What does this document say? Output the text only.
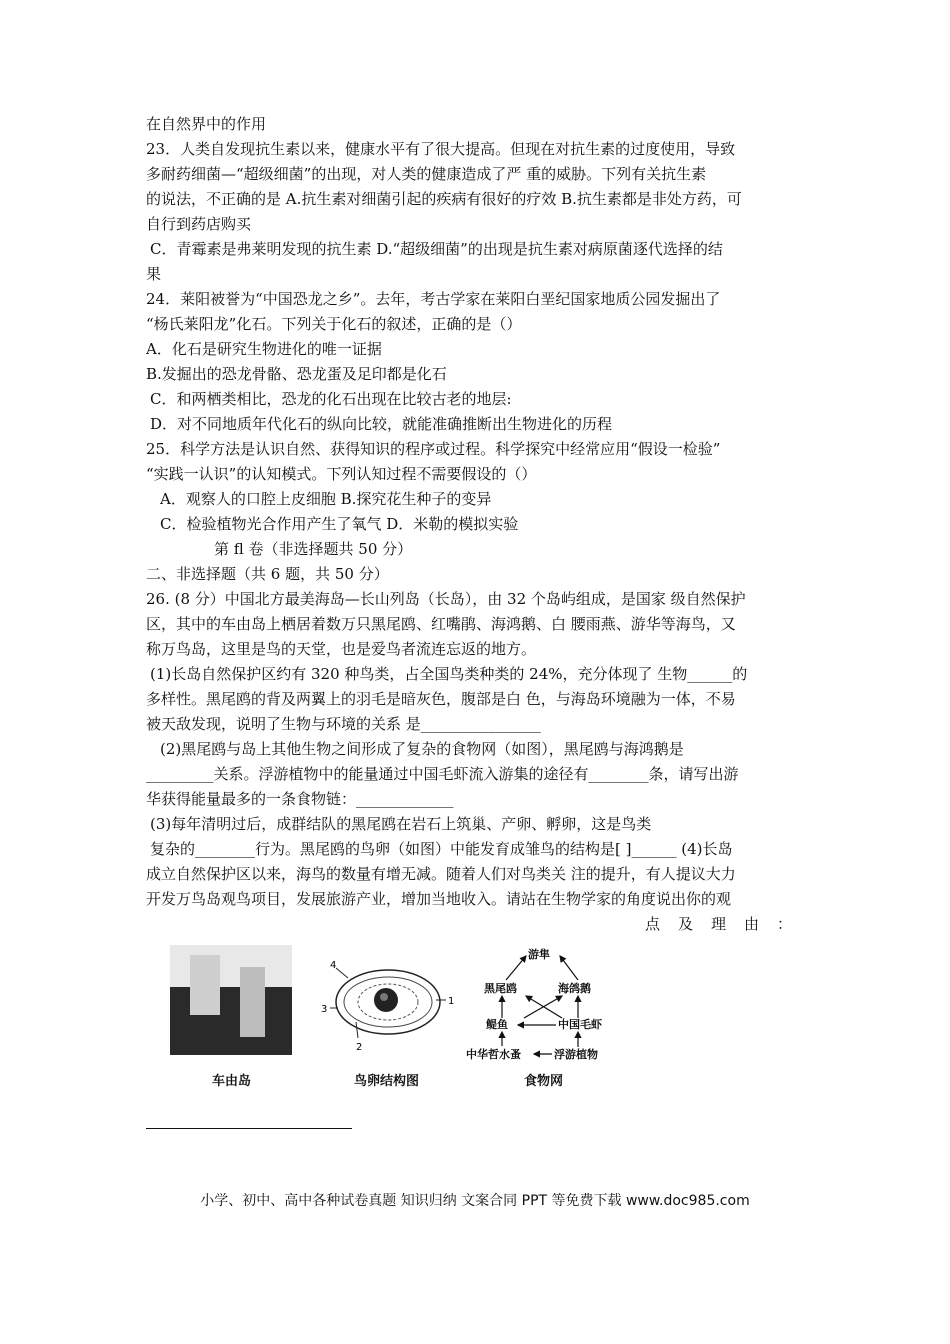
在自然界中的作用
23．人类自发现抗生素以来，健康水平有了很大提高。但现在对抗生素的过度使用，导致
多耐药细菌—“超级细菌”的出现，对人类的健康造成了严 重的威胁。下列有关抗生素
的说法，不正确的是 A.抗生素对细菌引起的疾病有很好的疗效 B.抗生素都是非处方药，可
自行到药店购买
C．青霉素是弗莱明发现的抗生素 D.“超级细菌”的出现是抗生素对病原菌逐代选择的结
果
24．莱阳被誉为“中国恐龙之乡”。去年，考古学家在莱阳白垩纪国家地质公园发掘出了
“杨氏莱阳龙”化石。下列关于化石的叙述，正确的是（）
A．化石是研究生物进化的唯一证据
B.发掘出的恐龙骨骼、恐龙蛋及足印都是化石
C．和两栖类相比，恐龙的化石出现在比较古老的地层:
D．对不同地质年代化石的纵向比较，就能准确推断出生物进化的历程
25．科学方法是认识自然、获得知识的程序或过程。科学探究中经常应用“假设一检验”
“实践一认识”的认知模式。下列认知过程不需要假设的（）
A．观察人的口腔上皮细胞 B.探究花生种子的变异
C．检验植物光合作用产生了氧气 D．米勒的模拟实验
第 fl 卷（非选择题共 50 分）
二、非选择题（共 6 题，共 50 分）
26. (8 分）中国北方最美海岛—长山列岛（长岛），由 32 个岛屿组成，是国家 级自然保护
区，其中的车由岛上栖居着数万只黑尾鸥、红嘴鹃、海鸿鹅、白 腰雨燕、游华等海鸟，又
称万鸟岛，这里是鸟的天堂，也是爱鸟者流连忘返的地方。
(1)长岛自然保护区约有 320 种鸟类，占全国鸟类种类的 24%，充分体现了 生物______的
多样性。黑尾鸥的背及两翼上的羽毛是暗灰色，腹部是白 色，与海岛环境融为一体，不易
被天敌发现，说明了生物与环境的关系 是________________
(2)黑尾鸥与岛上其他生物之间形成了复杂的食物网（如图），黑尾鸥与海鸿鹅是
_________关系。浮游植物中的能量通过中国毛虾流入游集的途径有________条，请写出游
华获得能量最多的一条食物链：_____________
(3)每年清明过后，成群结队的黑尾鸥在岩石上筑巢、产卵、孵卵，这是鸟类
复杂的________行为。黑尾鸥的鸟卵（如图）中能发育成雏鸟的结构是[ ]______ (4)长岛
成立自然保护区以来，海鸟的数量有增无减。随着人们对鸟类关 注的提升，有人提议大力
开发万鸟岛观鸟项目，发展旅游产业，增加当地收入。请站在生物学家的角度说出你的观
点及理由：
车由岛
1
2
3
4
鸟卵结构图
游隼
黑尾鸥	海鸽鹅
鳀鱼	中国毛虾
中华哲水蚤	浮游植物
食物网
小学、初中、高中各种试卷真题 知识归纳 文案合同 PPT 等免费下载 www.doc985.com
